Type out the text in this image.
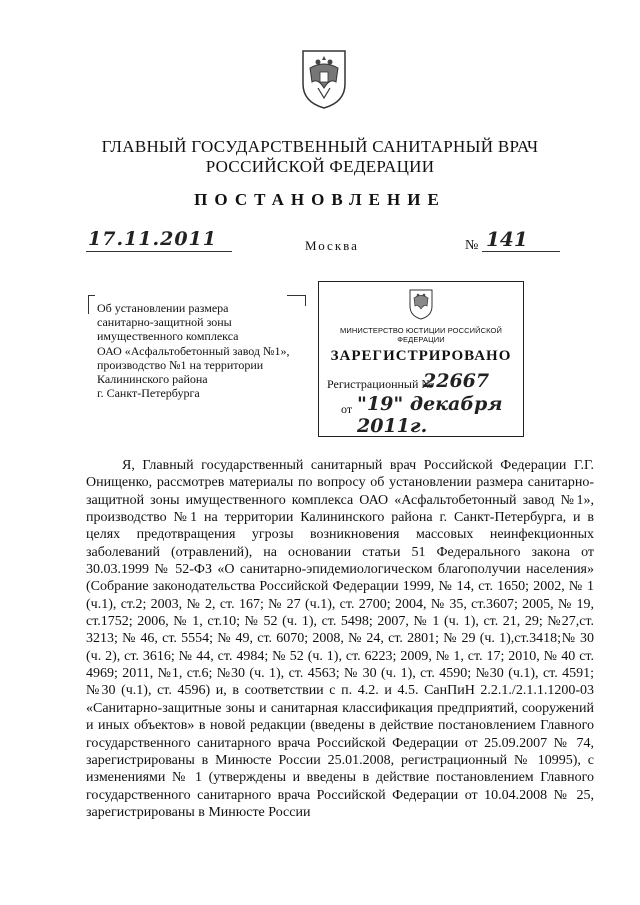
ГЛАВНЫЙ ГОСУДАРСТВЕННЫЙ САНИТАРНЫЙ ВРАЧ
РОССИЙСКОЙ ФЕДЕРАЦИИ
ПОСТАНОВЛЕНИЕ
17.11.2011	Москва	№ 141
Об установлении размера
санитарно-защитной зоны
имущественного комплекса
ОАО «Асфальтобетонный завод №1»,
производство №1 на территории
Калининского района
г. Санкт-Петербурга
МИНИСТЕРСТВО ЮСТИЦИИ РОССИЙСКОЙ ФЕДЕРАЦИИ
ЗАРЕГИСТРИРОВАНО
Регистрационный №
22667
от "19" декабря 2011г.

Я, Главный государственный санитарный врач Российской Федерации Г.Г. Онищенко, рассмотрев материалы по вопросу об установлении размера санитарно-защитной зоны имущественного комплекса ОАО «Асфальтобетонный завод №1», производство №1 на территории Калининского района г. Санкт-Петербурга, и в целях предотвращения угрозы возникновения массовых неинфекционных заболеваний (отравлений), на основании статьи 51 Федерального закона от 30.03.1999 № 52-ФЗ «О санитарно-эпидемиологическом благополучии населения» (Собрание законодательства Российской Федерации 1999, № 14, ст. 1650; 2002, № 1 (ч.1), ст.2; 2003, № 2, ст. 167; № 27 (ч.1), ст. 2700; 2004, № 35, ст.3607; 2005, № 19, ст.1752; 2006, № 1, ст.10; № 52 (ч. 1), ст. 5498; 2007, № 1 (ч. 1), ст. 21, 29; №27,ст. 3213; № 46, ст. 5554; № 49, ст. 6070; 2008, № 24, ст. 2801; № 29 (ч. 1),ст.3418;№ 30 (ч. 2), ст. 3616; № 44, ст. 4984; № 52 (ч. 1), ст. 6223; 2009, № 1, ст. 17; 2010, № 40 ст. 4969; 2011, №1, ст.6; №30 (ч. 1), ст. 4563; № 30 (ч. 1), ст. 4590; №30 (ч.1), ст. 4591; №30 (ч.1), ст. 4596) и, в соответствии с п. 4.2. и 4.5. СанПиН 2.2.1./2.1.1.1200-03 «Санитарно-защитные зоны и санитарная классификация предприятий, сооружений и иных объектов» в новой редакции (введены в действие постановлением Главного государственного санитарного врача Российской Федерации от 25.09.2007 № 74, зарегистрированы в Минюсте России 25.01.2008, регистрационный № 10995), с изменениями № 1 (утверждены и введены в действие постановлением Главного государственного санитарного врача Российской Федерации от 10.04.2008 № 25, зарегистрированы в Минюсте России
